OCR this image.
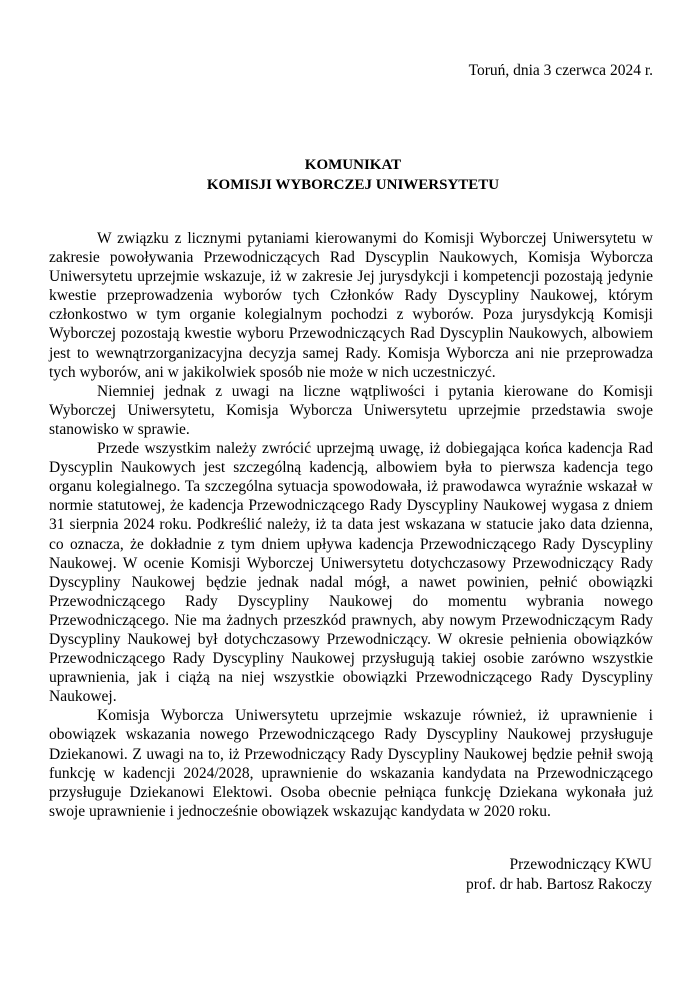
Toruń, dnia 3 czerwca 2024 r.
KOMUNIKAT
KOMISJI WYBORCZEJ UNIWERSYTETU

W związku z licznymi pytaniami kierowanymi do Komisji Wyborczej Uniwersytetu w zakresie powoływania Przewodniczących Rad Dyscyplin Naukowych, Komisja Wyborcza Uniwersytetu uprzejmie wskazuje, iż w zakresie Jej jurysdykcji i kompetencji pozostają jedynie kwestie przeprowadzenia wyborów tych Członków Rady Dyscypliny Naukowej, którym członkostwo w tym organie kolegialnym pochodzi z wyborów. Poza jurysdykcją Komisji Wyborczej pozostają kwestie wyboru Przewodniczących Rad Dyscyplin Naukowych, albowiem jest to wewnątrzorganizacyjna decyzja samej Rady. Komisja Wyborcza ani nie przeprowadza tych wyborów, ani w jakikolwiek sposób nie może w nich uczestniczyć.

Niemniej jednak z uwagi na liczne wątpliwości i pytania kierowane do Komisji Wyborczej Uniwersytetu, Komisja Wyborcza Uniwersytetu uprzejmie przedstawia swoje stanowisko w sprawie.

Przede wszystkim należy zwrócić uprzejmą uwagę, iż dobiegająca końca kadencja Rad Dyscyplin Naukowych jest szczególną kadencją, albowiem była to pierwsza kadencja tego organu kolegialnego. Ta szczególna sytuacja spowodowała, iż prawodawca wyraźnie wskazał w normie statutowej, że kadencja Przewodniczącego Rady Dyscypliny Naukowej wygasa z dniem 31 sierpnia 2024 roku. Podkreślić należy, iż ta data jest wskazana w statucie jako data dzienna, co oznacza, że dokładnie z tym dniem upływa kadencja Przewodniczącego Rady Dyscypliny Naukowej. W ocenie Komisji Wyborczej Uniwersytetu dotychczasowy Przewodniczący Rady Dyscypliny Naukowej będzie jednak nadal mógł, a nawet powinien, pełnić obowiązki Przewodniczącego Rady Dyscypliny Naukowej do momentu wybrania nowego Przewodniczącego. Nie ma żadnych przeszkód prawnych, aby nowym Przewodniczącym Rady Dyscypliny Naukowej był dotychczasowy Przewodniczący. W okresie pełnienia obowiązków Przewodniczącego Rady Dyscypliny Naukowej przysługują takiej osobie zarówno wszystkie uprawnienia, jak i ciążą na niej wszystkie obowiązki Przewodniczącego Rady Dyscypliny Naukowej.

Komisja Wyborcza Uniwersytetu uprzejmie wskazuje również, iż uprawnienie i obowiązek wskazania nowego Przewodniczącego Rady Dyscypliny Naukowej przysługuje Dziekanowi. Z uwagi na to, iż Przewodniczący Rady Dyscypliny Naukowej będzie pełnił swoją funkcję w kadencji 2024/2028, uprawnienie do wskazania kandydata na Przewodniczącego przysługuje Dziekanowi Elektowi. Osoba obecnie pełniąca funkcję Dziekana wykonała już swoje uprawnienie i jednocześnie obowiązek wskazując kandydata w 2020 roku.

Przewodniczący KWU
prof. dr hab. Bartosz Rakoczy
